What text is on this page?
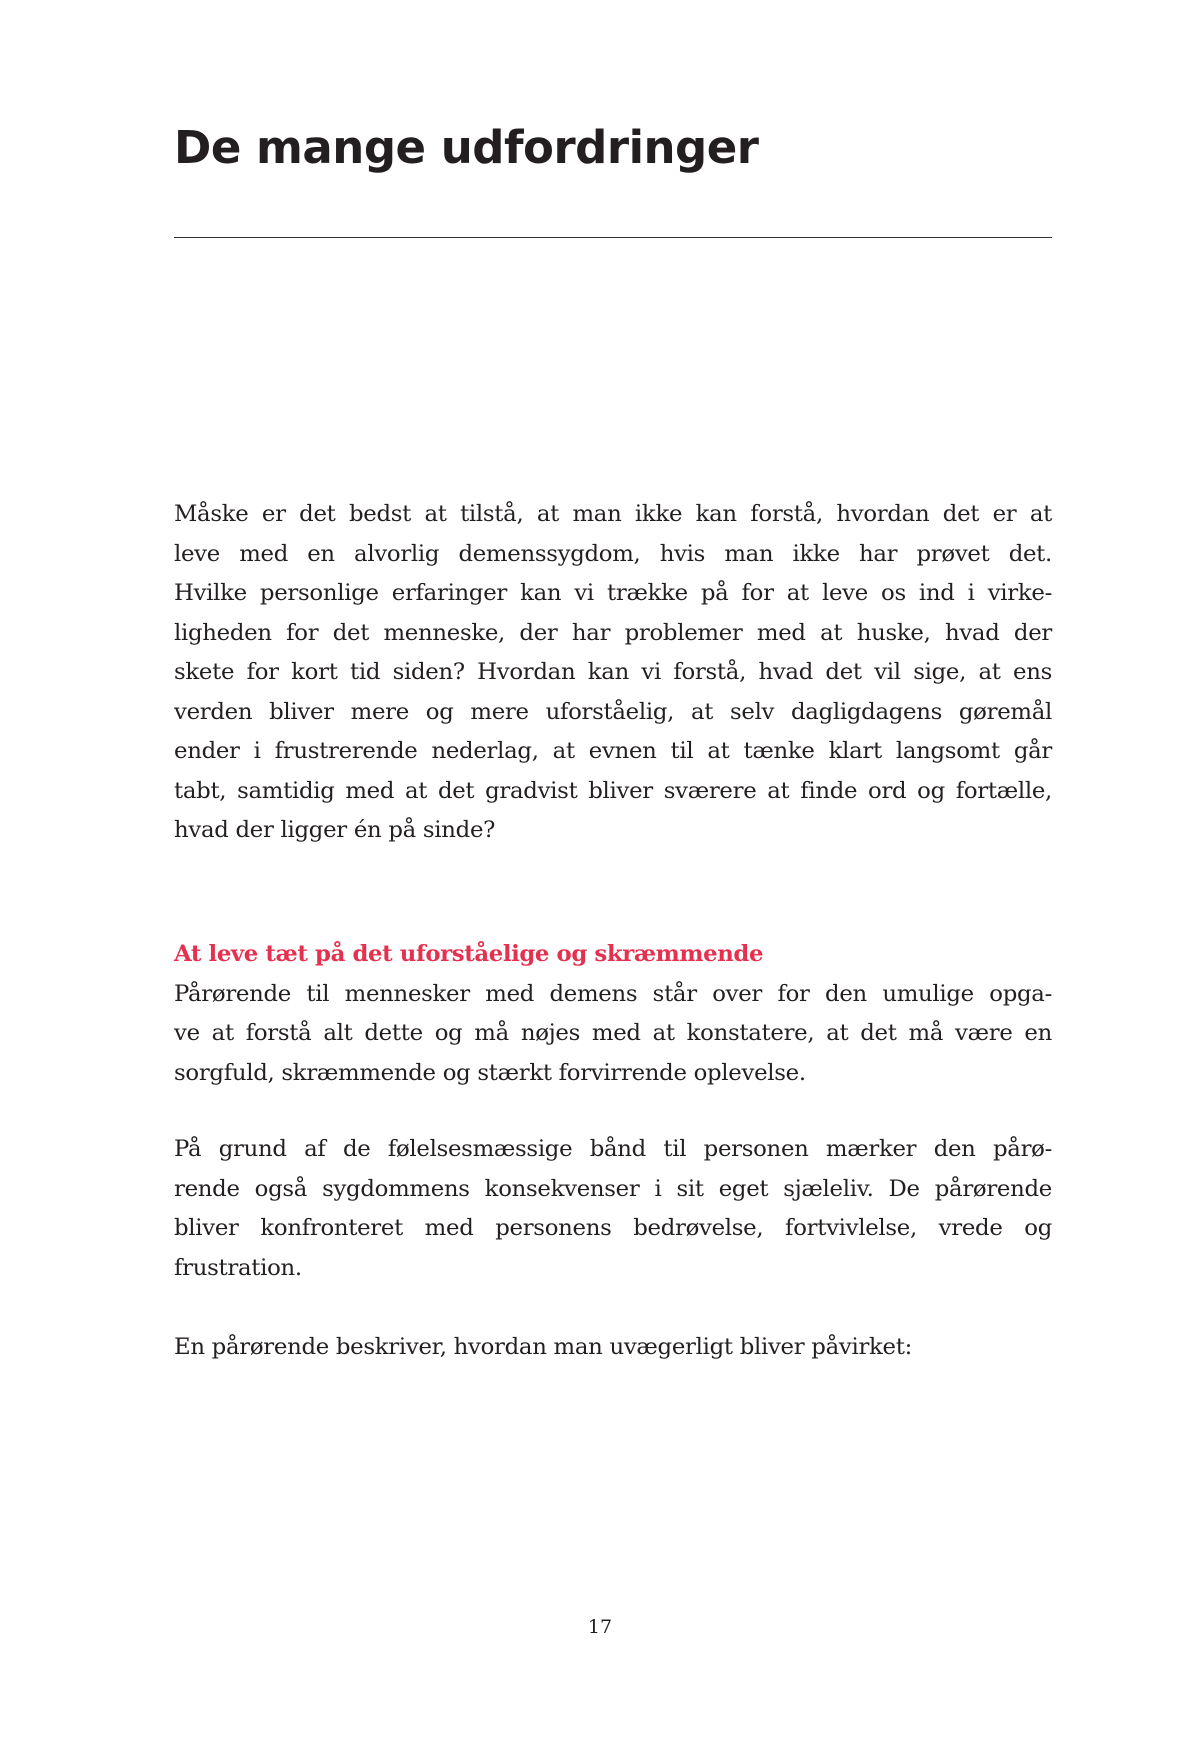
De mange udfordringer
Måske er det bedst at tilstå, at man ikke kan forstå, hvordan det er at
leve med en alvorlig demenssygdom, hvis man ikke har prøvet det.
Hvilke personlige erfaringer kan vi trække på for at leve os ind i virke-
ligheden for det menneske, der har problemer med at huske, hvad der
skete for kort tid siden? Hvordan kan vi forstå, hvad det vil sige, at ens
verden bliver mere og mere uforståelig, at selv dagligdagens gøremål
ender i frustrerende nederlag, at evnen til at tænke klart langsomt går
tabt, samtidig med at det gradvist bliver sværere at finde ord og fortælle,
hvad der ligger én på sinde?
At leve tæt på det uforståelige og skræmmende
Pårørende til mennesker med demens står over for den umulige opga-
ve at forstå alt dette og må nøjes med at konstatere, at det må være en
sorgfuld, skræmmende og stærkt forvirrende oplevelse.
På grund af de følelsesmæssige bånd til personen mærker den pårø-
rende også sygdommens konsekvenser i sit eget sjæleliv. De pårørende
bliver konfronteret med personens bedrøvelse, fortvivlelse, vrede og
frustration.
En pårørende beskriver, hvordan man uvægerligt bliver påvirket:
17
